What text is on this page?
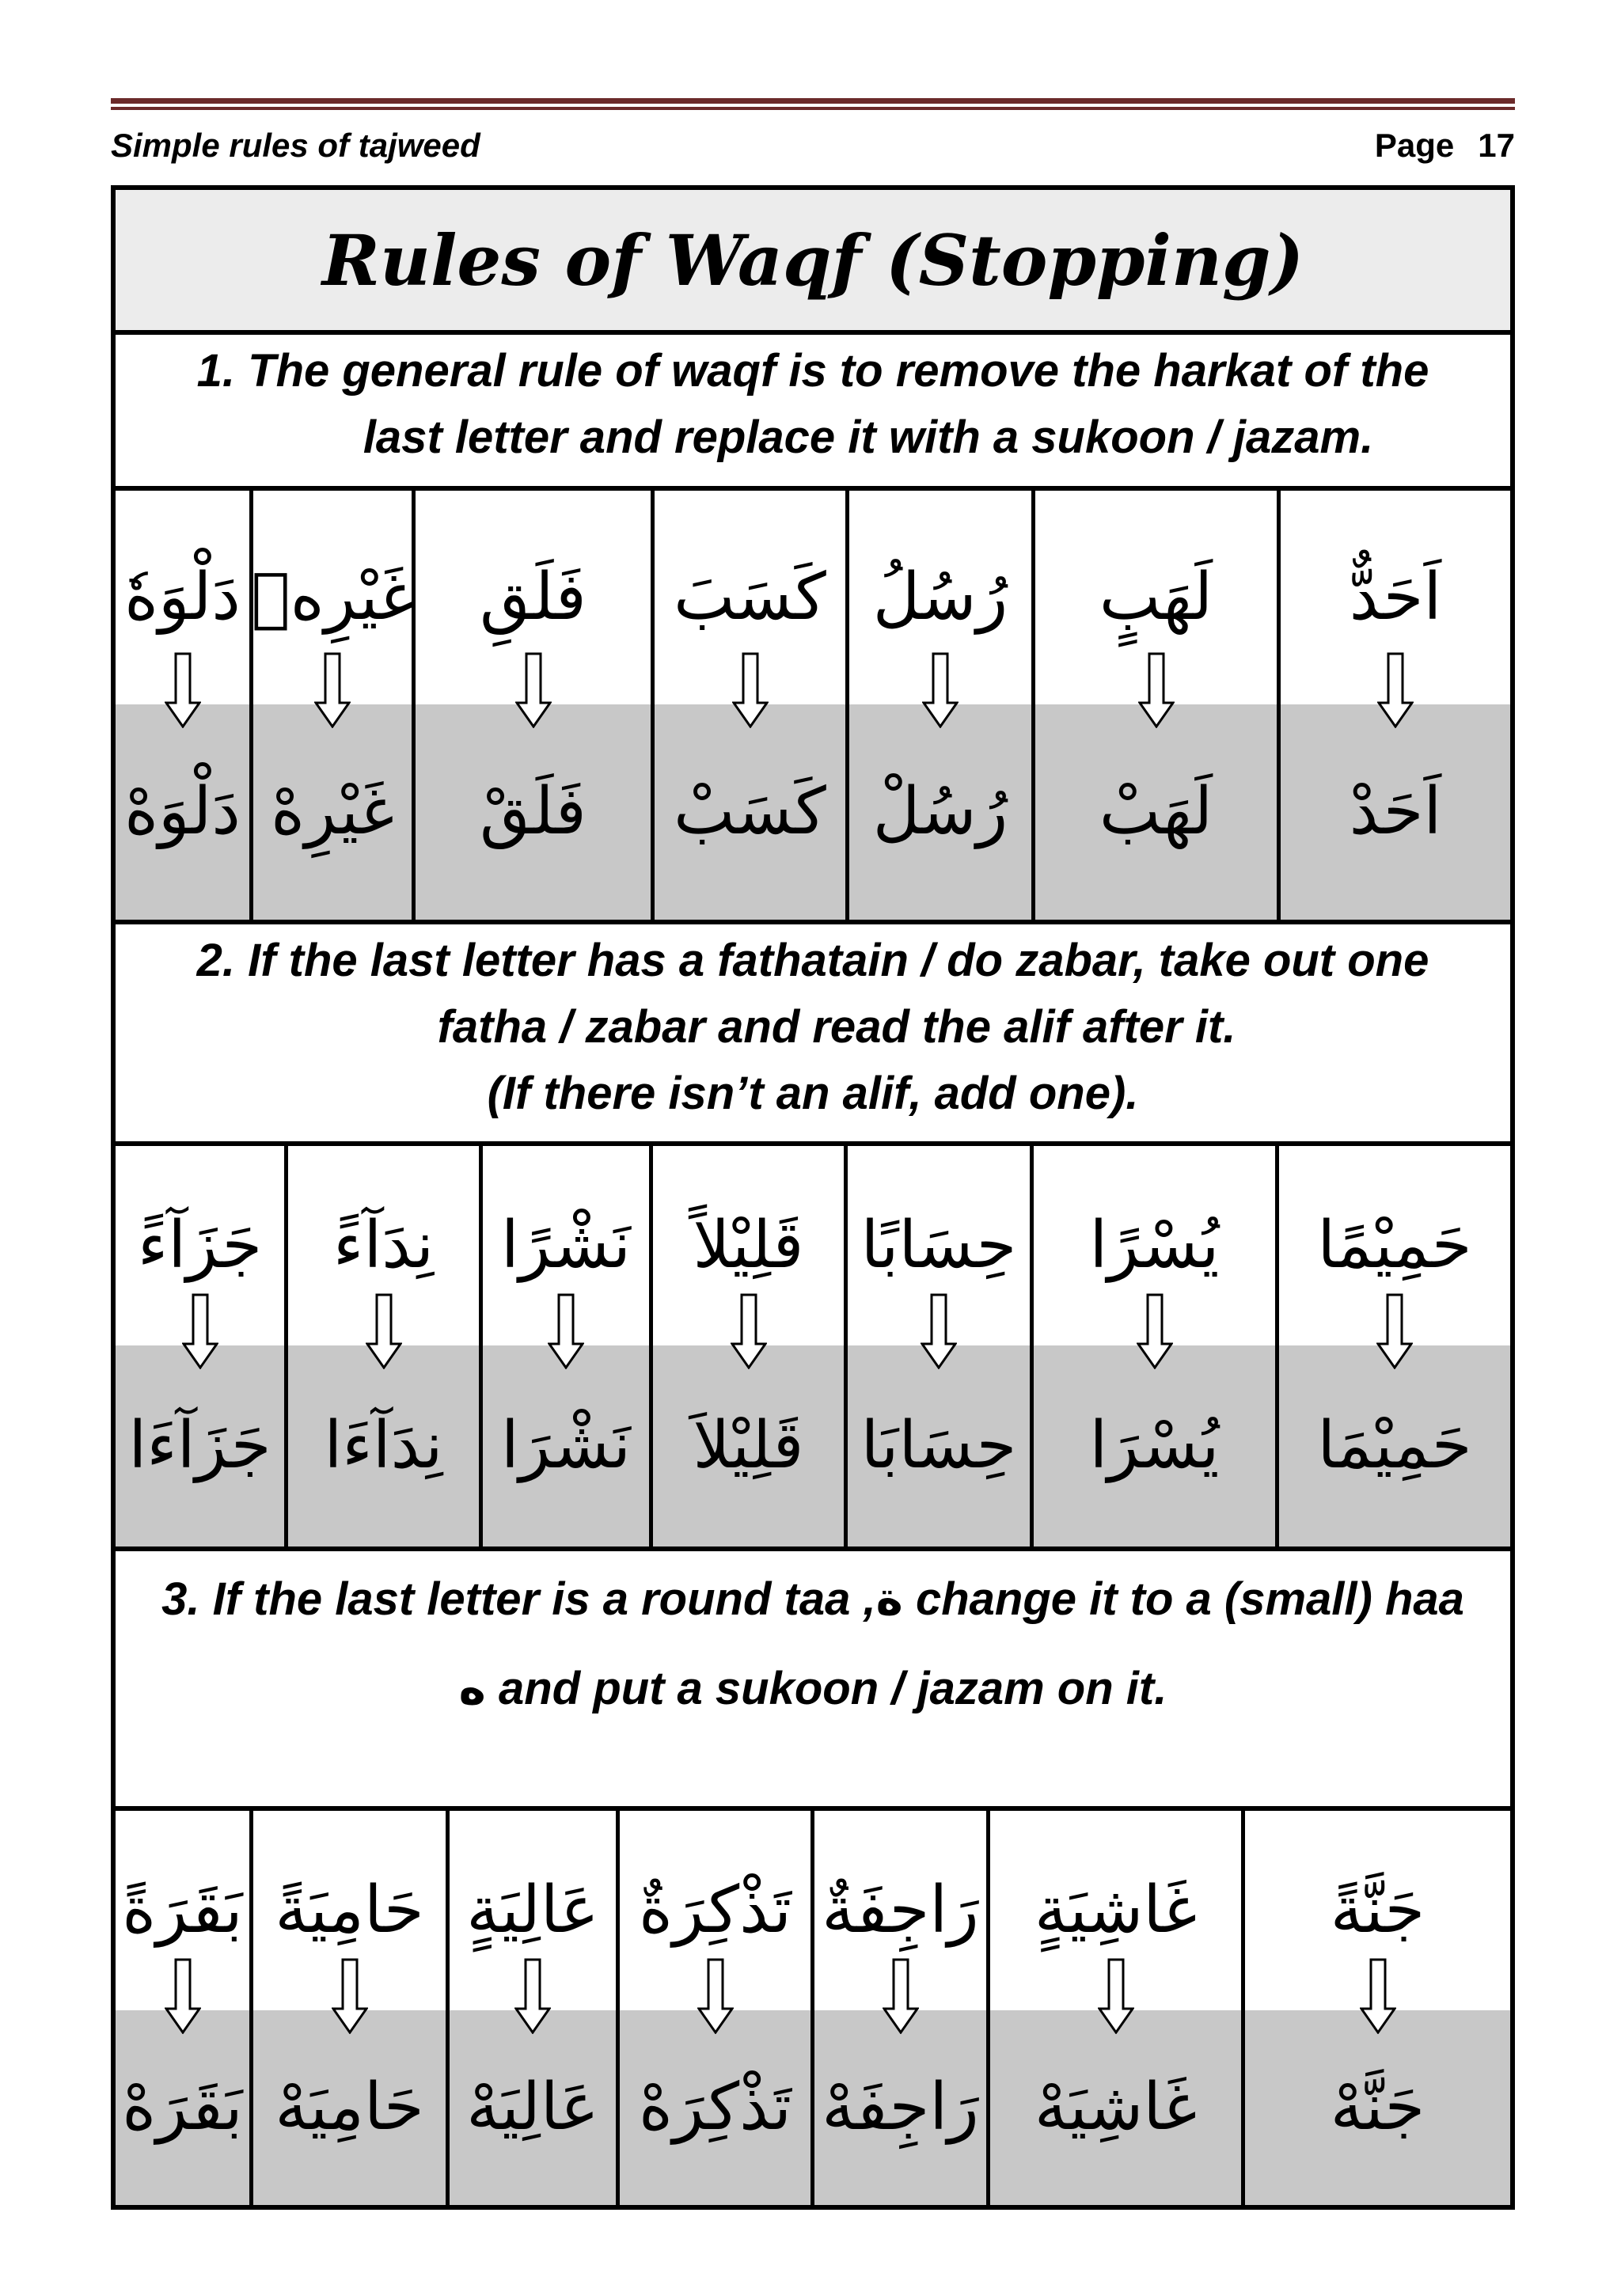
Simple rules of tajweed	Page 17
Rules of Waqf (Stopping)
1. The general rule of waqf is to remove the harkat of the
last letter and replace it with a sukoon / jazam.
دَلْوَهٗ غَيْرِهٖ فَلَقِ كَسَبَ رُسُلُ لَهَبٍ اَحَدٌّ
دَلْوَهْ غَيْرِهْ فَلَقْ كَسَبْ رُسُلْ لَهَبْ اَحَدْ
2. If the last letter has a fathatain / do zabar, take out one
fatha / zabar and read the alif after it.
(If there isn’t an alif, add one).
جَزَآءً نِدَآءً نَشْرًا قَلِيْلاً حِسَابًا يُسْرًا حَمِيْمًا
جَزَآءَا نِدَآءَا نَشْرَا قَلِيْلاَ حِسَابَا يُسْرَا حَمِيْمَا
3. If the last letter is a round taa ,ة change it to a (small) haa
ه and put a sukoon / jazam on it.
بَقَرَةً حَامِيَةً عَالِيَةٍ تَذْكِرَةٌ رَاجِفَةٌ غَاشِيَةٍ جَنَّةً
بَقَرَهْ حَامِيَهْ عَالِيَهْ تَذْكِرَهْ رَاجِفَهْ غَاشِيَهْ جَنَّهْ
